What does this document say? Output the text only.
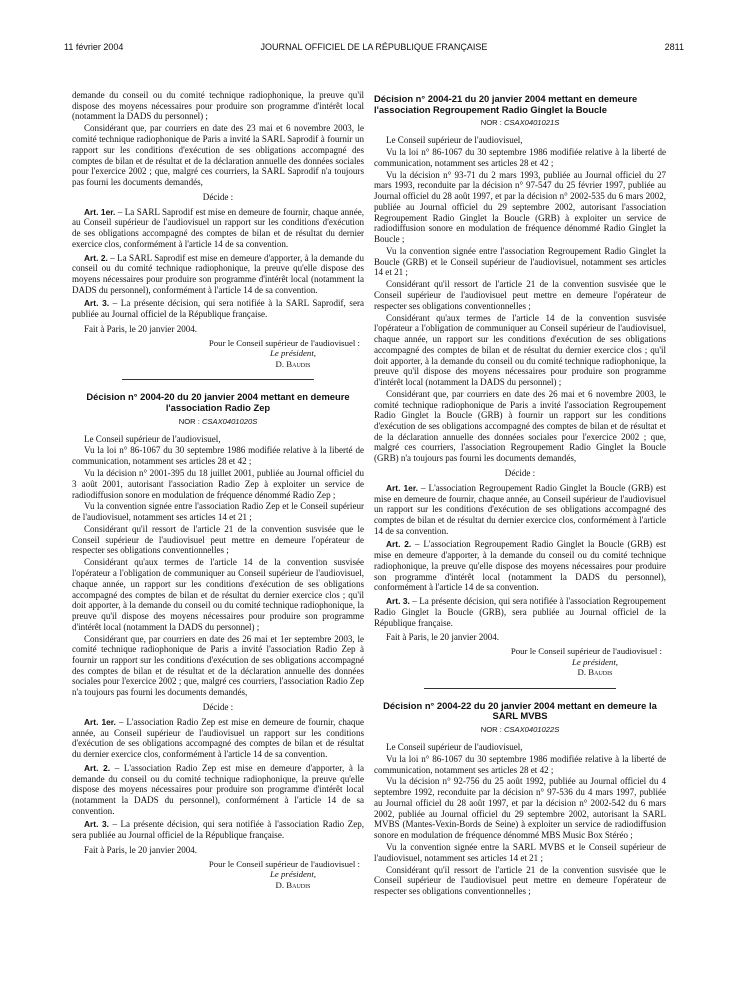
11 février 2004	JOURNAL OFFICIEL DE LA RÉPUBLIQUE FRANÇAISE	2811

demande du conseil ou du comité technique radiophonique, la preuve qu'il dispose des moyens nécessaires pour produire son programme d'intérêt local (notamment la DADS du personnel) ;

Considérant que, par courriers en date des 23 mai et 6 novembre 2003, le comité technique radiophonique de Paris a invité la SARL Saprodif à fournir un rapport sur les conditions d'exécution de ses obligations accompagné des comptes de bilan et de résultat et de la déclaration annuelle des données sociales pour l'exercice 2002 ; que, malgré ces courriers, la SARL Saprodif n'a toujours pas fourni les documents demandés,

Décide :

Art. 1er. – La SARL Saprodif est mise en demeure de fournir, chaque année, au Conseil supérieur de l'audiovisuel un rapport sur les conditions d'exécution de ses obligations accompagné des comptes de bilan et de résultat du dernier exercice clos, conformément à l'article 14 de sa convention.

Art. 2. – La SARL Saprodif est mise en demeure d'apporter, à la demande du conseil ou du comité technique radiophonique, la preuve qu'elle dispose des moyens nécessaires pour produire son programme d'intérêt local (notamment la DADS du personnel), conformément à l'article 14 de sa convention.

Art. 3. – La présente décision, qui sera notifiée à la SARL Saprodif, sera publiée au Journal officiel de la République française.

Fait à Paris, le 20 janvier 2004.
Pour le Conseil supérieur de l'audiovisuel :
Le président,
D. Baudis
Décision n° 2004-20 du 20 janvier 2004 mettant en demeure l'association Radio Zep
NOR : CSAX0401020S

Le Conseil supérieur de l'audiovisuel,

Vu la loi n° 86-1067 du 30 septembre 1986 modifiée relative à la liberté de communication, notamment ses articles 28 et 42 ;

Vu la décision n° 2001-395 du 18 juillet 2001, publiée au Journal officiel du 3 août 2001, autorisant l'association Radio Zep à exploiter un service de radiodiffusion sonore en modulation de fréquence dénommé Radio Zep ;

Vu la convention signée entre l'association Radio Zep et le Conseil supérieur de l'audiovisuel, notamment ses articles 14 et 21 ;

Considérant qu'il ressort de l'article 21 de la convention susvisée que le Conseil supérieur de l'audiovisuel peut mettre en demeure l'opérateur de respecter ses obligations conventionnelles ;

Considérant qu'aux termes de l'article 14 de la convention susvisée l'opérateur a l'obligation de communiquer au Conseil supérieur de l'audiovisuel, chaque année, un rapport sur les conditions d'exécution de ses obligations accompagné des comptes de bilan et de résultat du dernier exercice clos ; qu'il doit apporter, à la demande du conseil ou du comité technique radiophonique, la preuve qu'il dispose des moyens nécessaires pour produire son programme d'intérêt local (notamment la DADS du personnel) ;

Considérant que, par courriers en date des 26 mai et 1er septembre 2003, le comité technique radiophonique de Paris a invité l'association Radio Zep à fournir un rapport sur les conditions d'exécution de ses obligations accompagné des comptes de bilan et de résultat et de la déclaration annuelle des données sociales pour l'exercice 2002 ; que, malgré ces courriers, l'association Radio Zep n'a toujours pas fourni les documents demandés,

Décide :

Art. 1er. – L'association Radio Zep est mise en demeure de fournir, chaque année, au Conseil supérieur de l'audiovisuel un rapport sur les conditions d'exécution de ses obligations accompagné des comptes de bilan et de résultat du dernier exercice clos, conformément à l'article 14 de sa convention.

Art. 2. – L'association Radio Zep est mise en demeure d'apporter, à la demande du conseil ou du comité technique radiophonique, la preuve qu'elle dispose des moyens nécessaires pour produire son programme d'intérêt local (notamment la DADS du personnel), conformément à l'article 14 de sa convention.

Art. 3. – La présente décision, qui sera notifiée à l'association Radio Zep, sera publiée au Journal officiel de la République française.

Fait à Paris, le 20 janvier 2004.
Pour le Conseil supérieur de l'audiovisuel :
Le président,
D. Baudis
Décision n° 2004-21 du 20 janvier 2004 mettant en demeure l'association Regroupement Radio Ginglet la Boucle
NOR : CSAX0401021S

Le Conseil supérieur de l'audiovisuel,

Vu la loi n° 86-1067 du 30 septembre 1986 modifiée relative à la liberté de communication, notamment ses articles 28 et 42 ;

Vu la décision n° 93-71 du 2 mars 1993, publiée au Journal officiel du 27 mars 1993, reconduite par la décision n° 97-547 du 25 février 1997, publiée au Journal officiel du 28 août 1997, et par la décision n° 2002-535 du 6 mars 2002, publiée au Journal officiel du 29 septembre 2002, autorisant l'association Regroupement Radio Ginglet la Boucle (GRB) à exploiter un service de radiodiffusion sonore en modulation de fréquence dénommé Radio Ginglet la Boucle ;

Vu la convention signée entre l'association Regroupement Radio Ginglet la Boucle (GRB) et le Conseil supérieur de l'audiovisuel, notamment ses articles 14 et 21 ;

Considérant qu'il ressort de l'article 21 de la convention susvisée que le Conseil supérieur de l'audiovisuel peut mettre en demeure l'opérateur de respecter ses obligations conventionnelles ;

Considérant qu'aux termes de l'article 14 de la convention susvisée l'opérateur a l'obligation de communiquer au Conseil supérieur de l'audiovisuel, chaque année, un rapport sur les conditions d'exécution de ses obligations accompagné des comptes de bilan et de résultat du dernier exercice clos ; qu'il doit apporter, à la demande du conseil ou du comité technique radiophonique, la preuve qu'il dispose des moyens nécessaires pour produire son programme d'intérêt local (notamment la DADS du personnel) ;

Considérant que, par courriers en date des 26 mai et 6 novembre 2003, le comité technique radiophonique de Paris a invité l'association Regroupement Radio Ginglet la Boucle (GRB) à fournir un rapport sur les conditions d'exécution de ses obligations accompagné des comptes de bilan et de résultat et de la déclaration annuelle des données sociales pour l'exercice 2002 ; que, malgré ces courriers, l'association Regroupement Radio Ginglet la Boucle (GRB) n'a toujours pas fourni les documents demandés,

Décide :

Art. 1er. – L'association Regroupement Radio Ginglet la Boucle (GRB) est mise en demeure de fournir, chaque année, au Conseil supérieur de l'audiovisuel un rapport sur les conditions d'exécution de ses obligations accompagné des comptes de bilan et de résultat du dernier exercice clos, conformément à l'article 14 de sa convention.

Art. 2. – L'association Regroupement Radio Ginglet la Boucle (GRB) est mise en demeure d'apporter, à la demande du conseil ou du comité technique radiophonique, la preuve qu'elle dispose des moyens nécessaires pour produire son programme d'intérêt local (notamment la DADS du personnel), conformément à l'article 14 de sa convention.

Art. 3. – La présente décision, qui sera notifiée à l'association Regroupement Radio Ginglet la Boucle (GRB), sera publiée au Journal officiel de la République française.

Fait à Paris, le 20 janvier 2004.
Pour le Conseil supérieur de l'audiovisuel :
Le président,
D. Baudis
Décision n° 2004-22 du 20 janvier 2004 mettant en demeure la SARL MVBS
NOR : CSAX0401022S

Le Conseil supérieur de l'audiovisuel,

Vu la loi n° 86-1067 du 30 septembre 1986 modifiée relative à la liberté de communication, notamment ses articles 28 et 42 ;

Vu la décision n° 92-756 du 25 août 1992, publiée au Journal officiel du 4 septembre 1992, reconduite par la décision n° 97-536 du 4 mars 1997, publiée au Journal officiel du 28 août 1997, et par la décision n° 2002-542 du 6 mars 2002, publiée au Journal officiel du 29 septembre 2002, autorisant la SARL MVBS (Mantes-Vexin-Bords de Seine) à exploiter un service de radiodiffusion sonore en modulation de fréquence dénommé MBS Music Box Stéréo ;

Vu la convention signée entre la SARL MVBS et le Conseil supérieur de l'audiovisuel, notamment ses articles 14 et 21 ;

Considérant qu'il ressort de l'article 21 de la convention susvisée que le Conseil supérieur de l'audiovisuel peut mettre en demeure l'opérateur de respecter ses obligations conventionnelles ;
